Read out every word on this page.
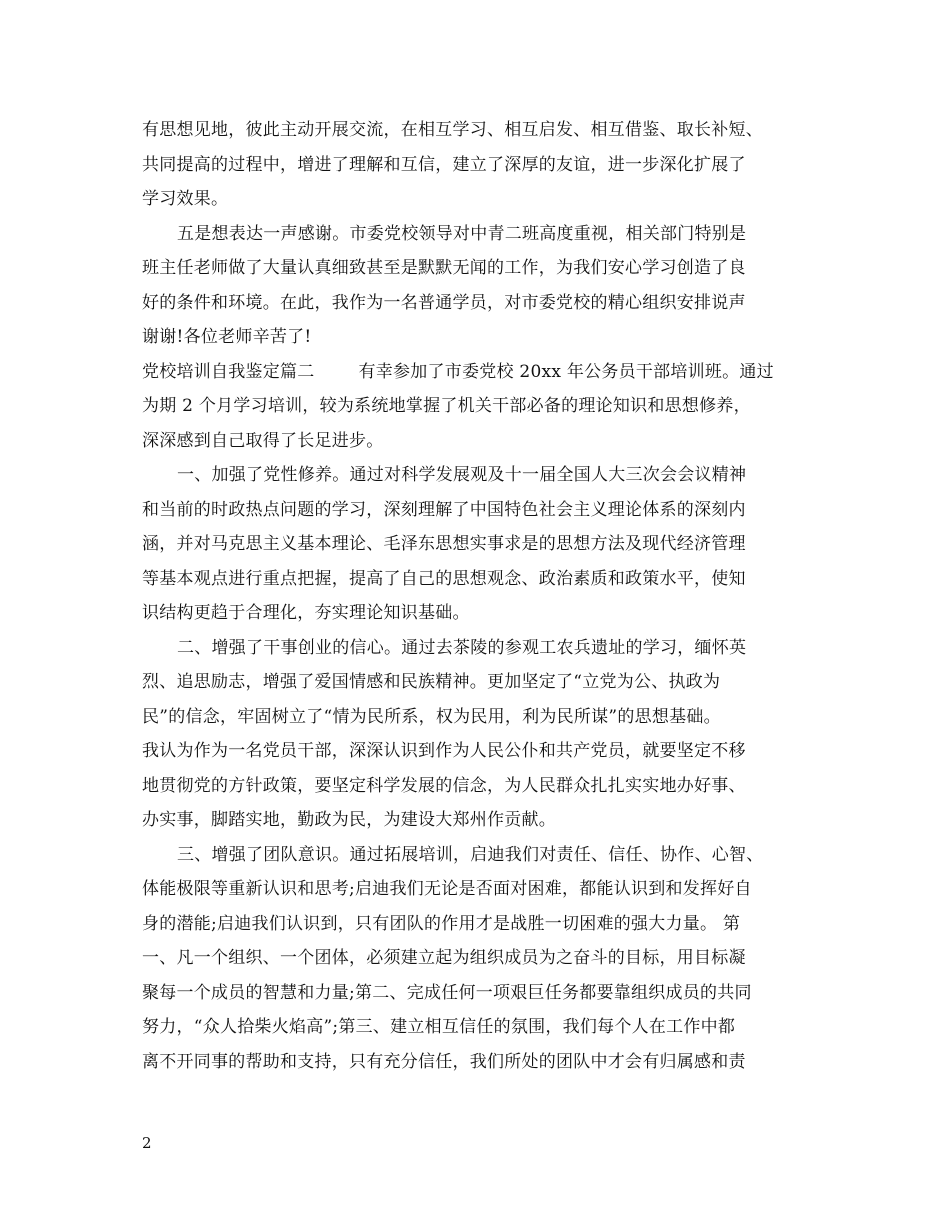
有思想见地，彼此主动开展交流，在相互学习、相互启发、相互借鉴、取长补短、
共同提高的过程中，增进了理解和互信，建立了深厚的友谊，进一步深化扩展了
学习效果。
五是想表达一声感谢。市委党校领导对中青二班高度重视，相关部门特别是
班主任老师做了大量认真细致甚至是默默无闻的工作，为我们安心学习创造了良
好的条件和环境。在此，我作为一名普通学员，对市委党校的精心组织安排说声
谢谢!各位老师辛苦了!
党校培训自我鉴定篇二	有幸参加了市委党校 20xx 年公务员干部培训班。通过
为期 2 个月学习培训，较为系统地掌握了机关干部必备的理论知识和思想修养，
深深感到自己取得了长足进步。
一、加强了党性修养。通过对科学发展观及十一届全国人大三次会会议精神
和当前的时政热点问题的学习，深刻理解了中国特色社会主义理论体系的深刻内
涵，并对马克思主义基本理论、毛泽东思想实事求是的思想方法及现代经济管理
等基本观点进行重点把握，提高了自己的思想观念、政治素质和政策水平，使知
识结构更趋于合理化，夯实理论知识基础。
二、增强了干事创业的信心。通过去茶陵的参观工农兵遗址的学习，缅怀英
烈、追思励志，增强了爱国情感和民族精神。更加坚定了“立党为公、执政为
民”的信念，牢固树立了“情为民所系，权为民用，利为民所谋”的思想基础。
我认为作为一名党员干部，深深认识到作为人民公仆和共产党员，就要坚定不移
地贯彻党的方针政策，要坚定科学发展的信念，为人民群众扎扎实实地办好事、
办实事，脚踏实地，勤政为民，为建设大郑州作贡献。
三、增强了团队意识。通过拓展培训，启迪我们对责任、信任、协作、心智、
体能极限等重新认识和思考;启迪我们无论是否面对困难，都能认识到和发挥好自
身的潜能;启迪我们认识到，只有团队的作用才是战胜一切困难的强大力量。 第
一、凡一个组织、一个团体，必须建立起为组织成员为之奋斗的目标，用目标凝
聚每一个成员的智慧和力量;第二、完成任何一项艰巨任务都要靠组织成员的共同
努力，“众人拾柴火焰高”;第三、建立相互信任的氛围，我们每个人在工作中都
离不开同事的帮助和支持，只有充分信任，我们所处的团队中才会有归属感和责
2
